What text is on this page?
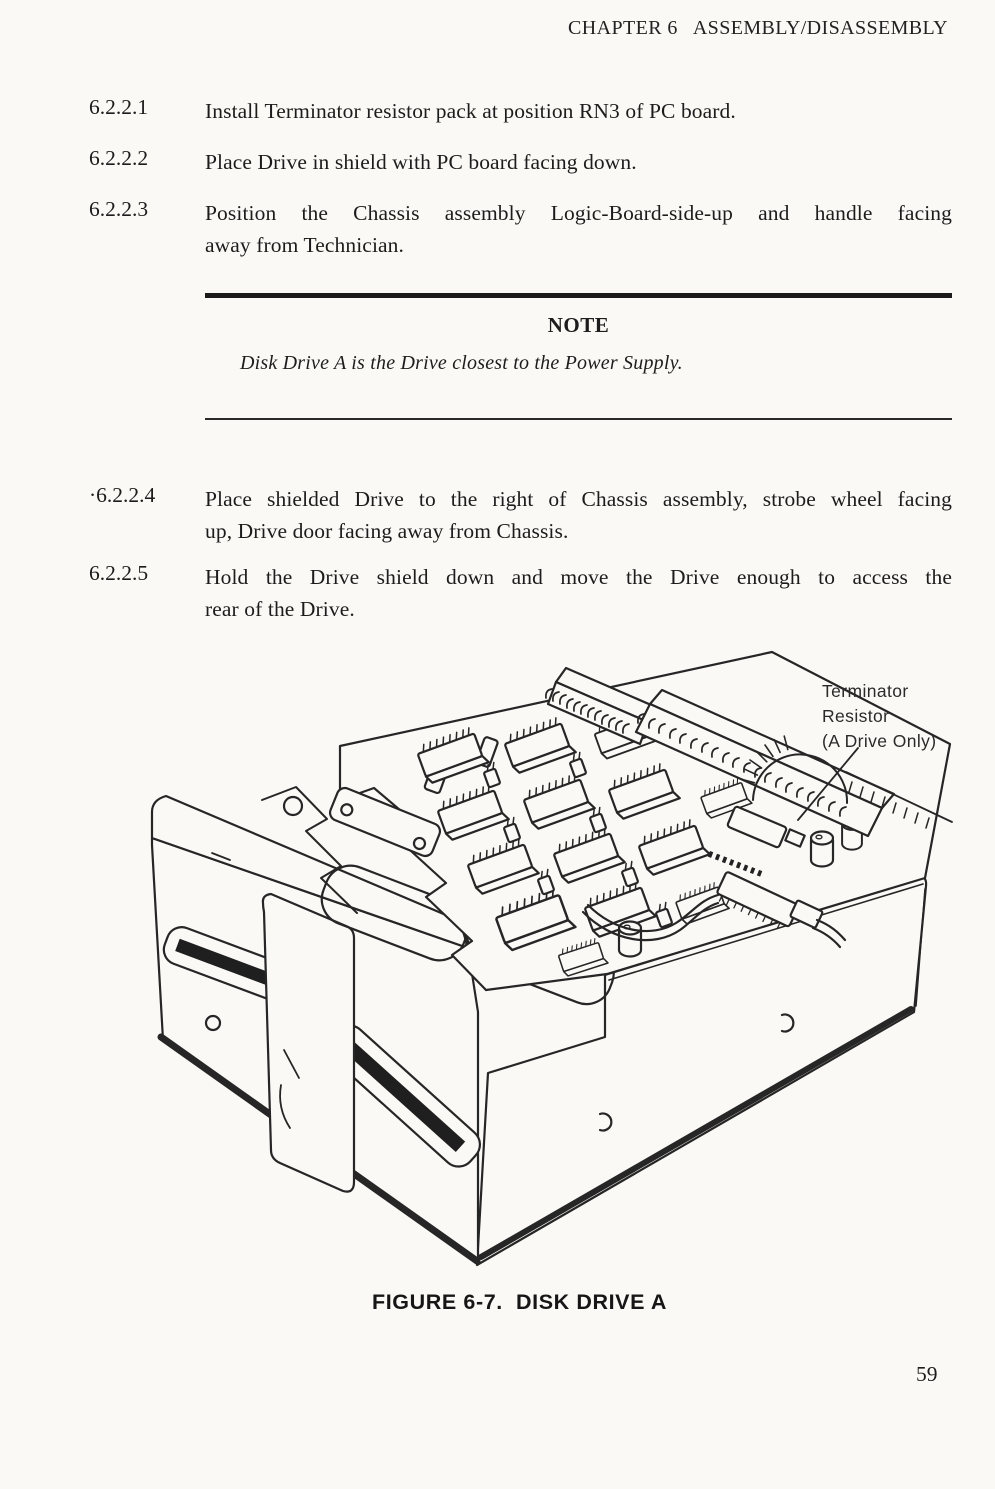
CHAPTER 6   ASSEMBLY/DISASSEMBLY
6.2.2.1	Install Terminator resistor pack at position RN3 of PC board.
6.2.2.2	Place Drive in shield with PC board facing down.
6.2.2.3	Position the Chassis assembly Logic-Board-side-up and handle facing
away from Technician.
NOTE
Disk Drive A is the Drive closest to the Power Supply.
·6.2.2.4	Place shielded Drive to the right of Chassis assembly, strobe wheel facing
up, Drive door facing away from Chassis.
6.2.2.5	Hold the Drive shield down and move the Drive enough to access the
rear of the Drive.
Terminator
Resistor
(A Drive Only)
FIGURE 6-7.  DISK DRIVE A
59
